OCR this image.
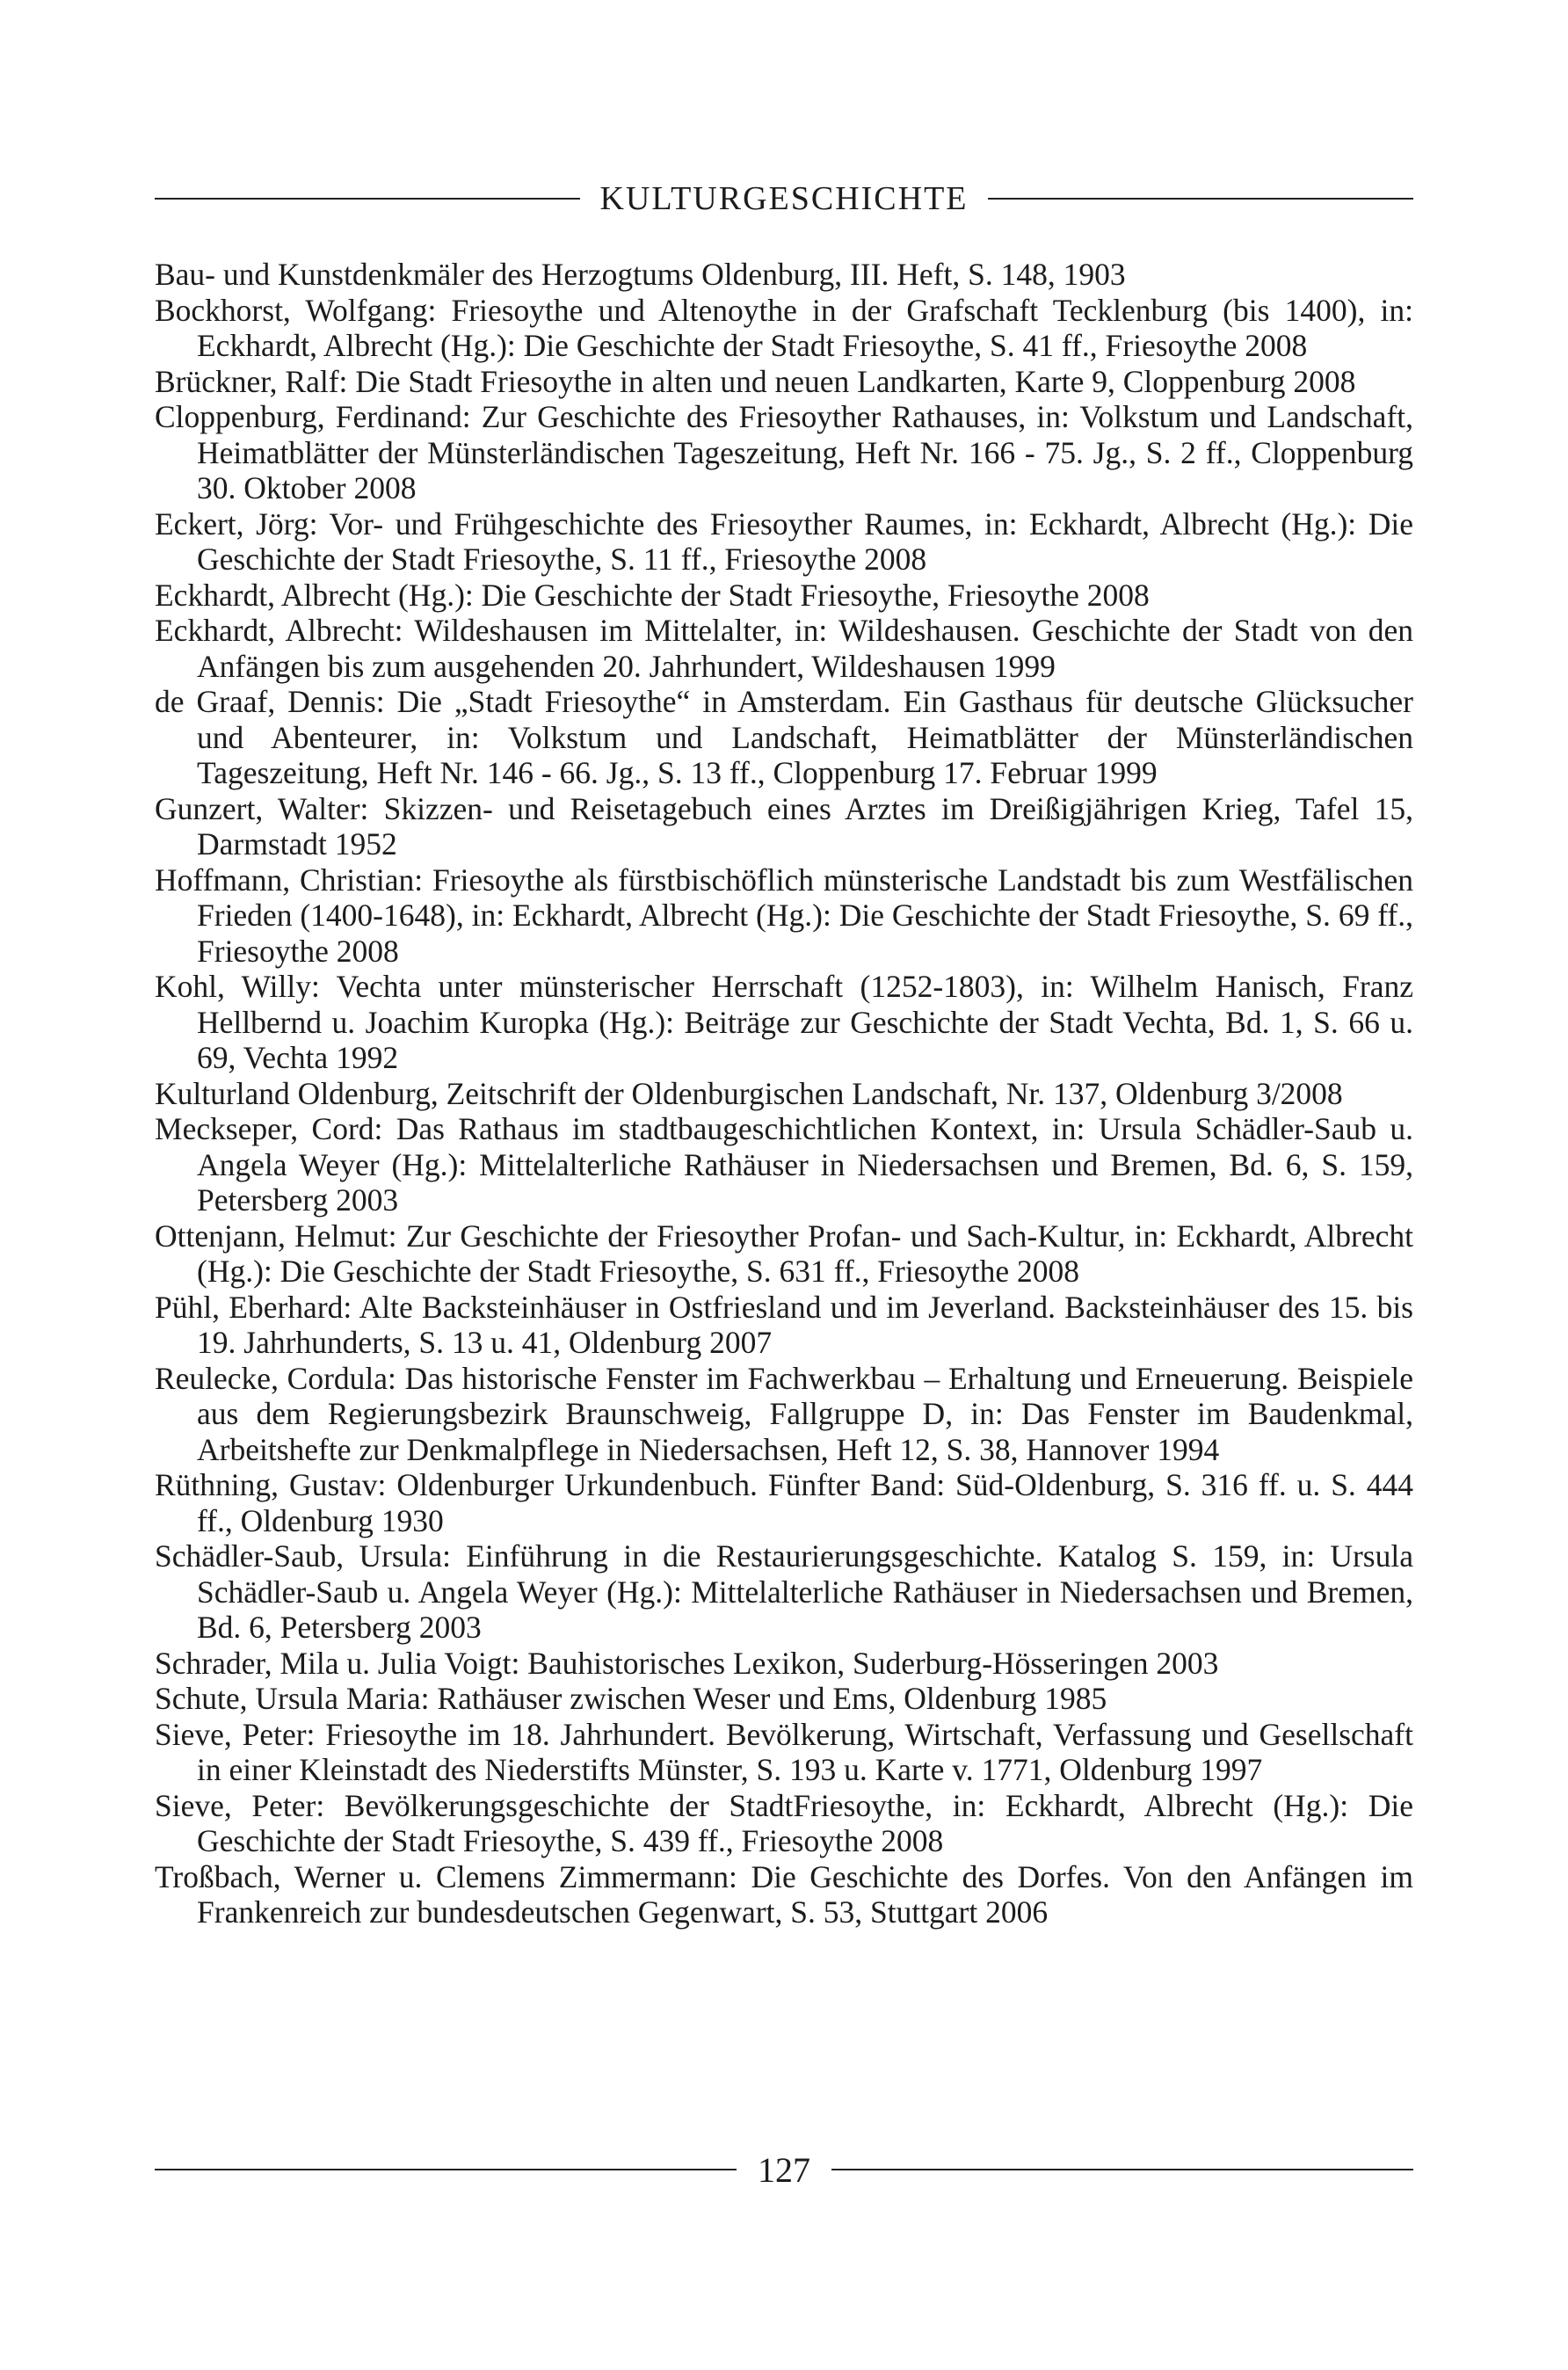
KULTURGESCHICHTE
Bau- und Kunstdenkmäler des Herzogtums Oldenburg, III. Heft, S. 148, 1903
Bockhorst, Wolfgang: Friesoythe und Altenoythe in der Grafschaft Tecklenburg (bis 1400), in: Eckhardt, Albrecht (Hg.): Die Geschichte der Stadt Friesoythe, S. 41 ff., Friesoythe 2008
Brückner, Ralf: Die Stadt Friesoythe in alten und neuen Landkarten, Karte 9, Cloppenburg 2008
Cloppenburg, Ferdinand: Zur Geschichte des Friesoyther Rathauses, in: Volkstum und Landschaft, Heimatblätter der Münsterländischen Tageszeitung, Heft Nr. 166 - 75. Jg., S. 2 ff., Cloppenburg 30. Oktober 2008
Eckert, Jörg: Vor- und Frühgeschichte des Friesoyther Raumes, in: Eckhardt, Albrecht (Hg.): Die Geschichte der Stadt Friesoythe, S. 11 ff., Friesoythe 2008
Eckhardt, Albrecht (Hg.): Die Geschichte der Stadt Friesoythe, Friesoythe 2008
Eckhardt, Albrecht: Wildeshausen im Mittelalter, in: Wildeshausen. Geschichte der Stadt von den Anfängen bis zum ausgehenden 20. Jahrhundert, Wildeshausen 1999
de Graaf, Dennis: Die „Stadt Friesoythe“ in Amsterdam. Ein Gasthaus für deutsche Glücksucher und Abenteurer, in: Volkstum und Landschaft, Heimatblätter der Münsterländischen Tageszeitung, Heft Nr. 146 - 66. Jg., S. 13 ff., Cloppenburg 17. Februar 1999
Gunzert, Walter: Skizzen- und Reisetagebuch eines Arztes im Dreißigjährigen Krieg, Tafel 15, Darmstadt 1952
Hoffmann, Christian: Friesoythe als fürstbischöflich münsterische Landstadt bis zum Westfälischen Frieden (1400-1648), in: Eckhardt, Albrecht (Hg.): Die Geschichte der Stadt Friesoythe, S. 69 ff., Friesoythe 2008
Kohl, Willy: Vechta unter münsterischer Herrschaft (1252-1803), in: Wilhelm Hanisch, Franz Hellbernd u. Joachim Kuropka (Hg.): Beiträge zur Geschichte der Stadt Vechta, Bd. 1, S. 66 u. 69, Vechta 1992
Kulturland Oldenburg, Zeitschrift der Oldenburgischen Landschaft, Nr. 137, Oldenburg 3/2008
Meckseper, Cord: Das Rathaus im stadtbaugeschichtlichen Kontext, in: Ursula Schädler-Saub u. Angela Weyer (Hg.): Mittelalterliche Rathäuser in Niedersachsen und Bremen, Bd. 6, S. 159, Petersberg 2003
Ottenjann, Helmut: Zur Geschichte der Friesoyther Profan- und Sach-Kultur, in: Eckhardt, Albrecht (Hg.): Die Geschichte der Stadt Friesoythe, S. 631 ff., Friesoythe 2008
Pühl, Eberhard: Alte Backsteinhäuser in Ostfriesland und im Jeverland. Backsteinhäuser des 15. bis 19. Jahrhunderts, S. 13 u. 41, Oldenburg 2007
Reulecke, Cordula: Das historische Fenster im Fachwerkbau – Erhaltung und Erneuerung. Beispiele aus dem Regierungsbezirk Braunschweig, Fallgruppe D, in: Das Fenster im Baudenkmal, Arbeitshefte zur Denkmalpflege in Niedersachsen, Heft 12, S. 38, Hannover 1994
Rüthning, Gustav: Oldenburger Urkundenbuch. Fünfter Band: Süd-Oldenburg, S. 316 ff. u. S. 444 ff., Oldenburg 1930
Schädler-Saub, Ursula: Einführung in die Restaurierungsgeschichte. Katalog S. 159, in: Ursula Schädler-Saub u. Angela Weyer (Hg.): Mittelalterliche Rathäuser in Niedersachsen und Bremen, Bd. 6, Petersberg 2003
Schrader, Mila u. Julia Voigt: Bauhistorisches Lexikon, Suderburg-Hösseringen 2003
Schute, Ursula Maria: Rathäuser zwischen Weser und Ems, Oldenburg 1985
Sieve, Peter: Friesoythe im 18. Jahrhundert. Bevölkerung, Wirtschaft, Verfassung und Gesellschaft in einer Kleinstadt des Niederstifts Münster, S. 193 u. Karte v. 1771, Oldenburg 1997
Sieve, Peter: Bevölkerungsgeschichte der StadtFriesoythe, in: Eckhardt, Albrecht (Hg.): Die Geschichte der Stadt Friesoythe, S. 439 ff., Friesoythe 2008
Troßbach, Werner u. Clemens Zimmermann: Die Geschichte des Dorfes. Von den Anfängen im Frankenreich zur bundesdeutschen Gegenwart, S. 53, Stuttgart 2006
127
